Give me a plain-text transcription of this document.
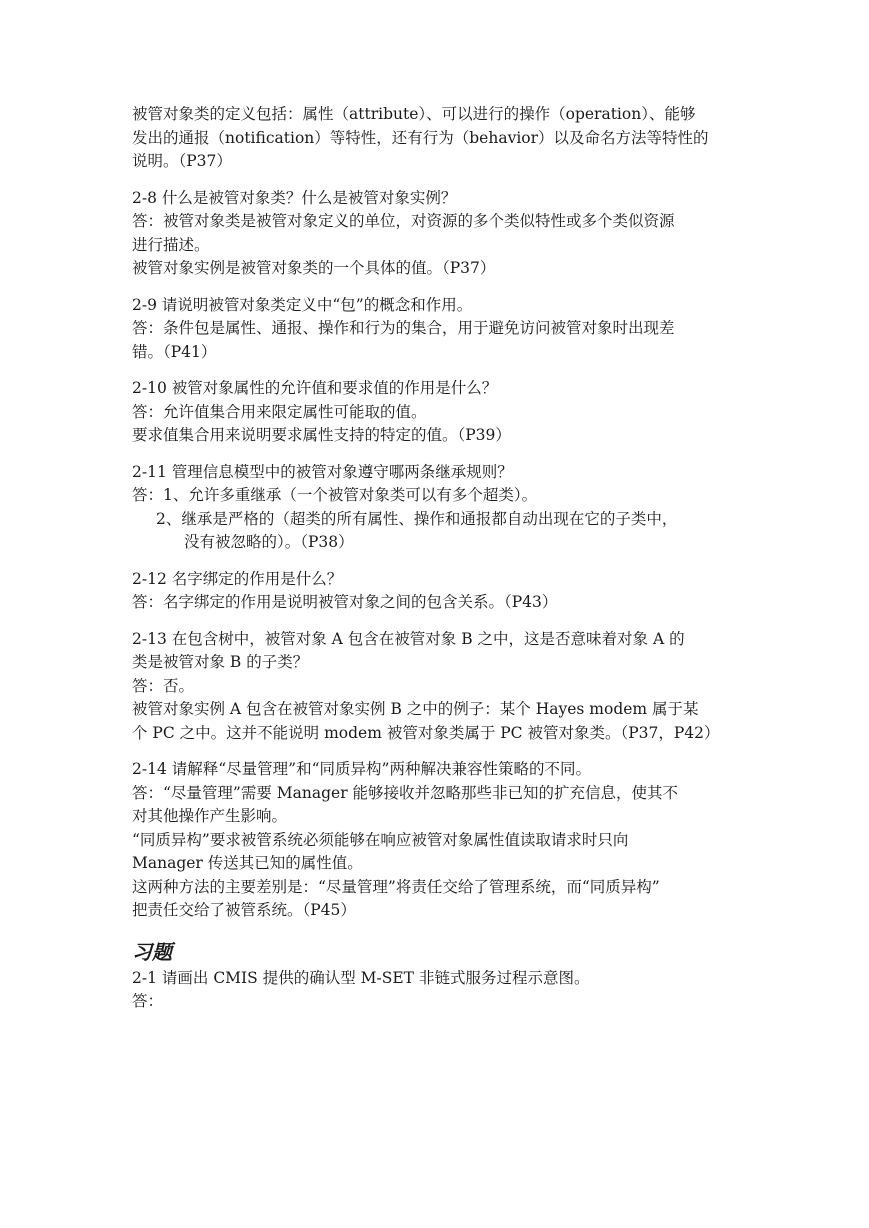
被管对象类的定义包括：属性（attribute）、可以进行的操作（operation）、能够
发出的通报（notification）等特性，还有行为（behavior）以及命名方法等特性的
说明。（P37）
2-8 什么是被管对象类？什么是被管对象实例？
答：被管对象类是被管对象定义的单位，对资源的多个类似特性或多个类似资源
进行描述。
被管对象实例是被管对象类的一个具体的值。（P37）
2-9 请说明被管对象类定义中“包”的概念和作用。
答：条件包是属性、通报、操作和行为的集合，用于避免访问被管对象时出现差
错。（P41）
2-10 被管对象属性的允许值和要求值的作用是什么？
答：允许值集合用来限定属性可能取的值。
要求值集合用来说明要求属性支持的特定的值。（P39）
2-11 管理信息模型中的被管对象遵守哪两条继承规则？
答：1、允许多重继承（一个被管对象类可以有多个超类）。
2、继承是严格的（超类的所有属性、操作和通报都自动出现在它的子类中，
没有被忽略的）。（P38）
2-12 名字绑定的作用是什么？
答：名字绑定的作用是说明被管对象之间的包含关系。（P43）
2-13 在包含树中，被管对象 A 包含在被管对象 B 之中，这是否意味着对象 A 的
类是被管对象 B 的子类？
答：否。
被管对象实例 A 包含在被管对象实例 B 之中的例子：某个 Hayes modem 属于某
个 PC 之中。这并不能说明 modem 被管对象类属于 PC 被管对象类。（P37，P42）
2-14 请解释“尽量管理”和“同质异构”两种解决兼容性策略的不同。
答：“尽量管理”需要 Manager 能够接收并忽略那些非已知的扩充信息，使其不
对其他操作产生影响。
“同质异构”要求被管系统必须能够在响应被管对象属性值读取请求时只向
Manager 传送其已知的属性值。
这两种方法的主要差别是：“尽量管理”将责任交给了管理系统，而“同质异构”
把责任交给了被管系统。（P45）
习题
2-1 请画出 CMIS 提供的确认型 M-SET 非链式服务过程示意图。
答：
